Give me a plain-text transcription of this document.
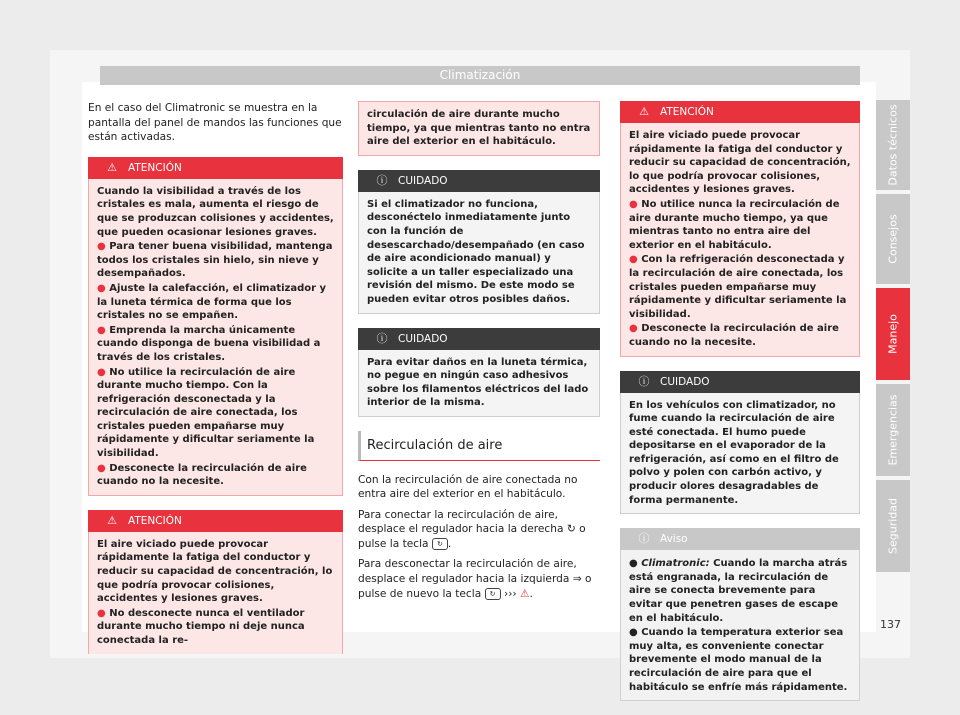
Climatización

En el caso del Climatronic se muestra en la pantalla del panel de mandos las funciones que están activadas.

⚠ ATENCIÓN
Cuando la visibilidad a través de los cristales es mala, aumenta el riesgo de que se produzcan colisiones y accidentes, que pueden ocasionar lesiones graves.
● Para tener buena visibilidad, mantenga todos los cristales sin hielo, sin nieve y desempañados.
● Ajuste la calefacción, el climatizador y la luneta térmica de forma que los cristales no se empañen.
● Emprenda la marcha únicamente cuando disponga de buena visibilidad a través de los cristales.
● No utilice la recirculación de aire durante mucho tiempo. Con la refrigeración desconectada y la recirculación de aire conectada, los cristales pueden empañarse muy rápidamente y dificultar seriamente la visibilidad.
● Desconecte la recirculación de aire cuando no la necesite.
⚠ ATENCIÓN
El aire viciado puede provocar rápidamente la fatiga del conductor y reducir su capacidad de concentración, lo que podría provocar colisiones, accidentes y lesiones graves.
● No desconecte nunca el ventilador durante mucho tiempo ni deje nunca conectada la re-
circulación de aire durante mucho tiempo, ya que mientras tanto no entra aire del exterior en el habitáculo.
ⓘ CUIDADO
Si el climatizador no funciona, desconéctelo inmediatamente junto con la función de desescarchado/desempañado (en caso de aire acondicionado manual) y solicite a un taller especializado una revisión del mismo. De este modo se pueden evitar otros posibles daños.
ⓘ CUIDADO
Para evitar daños en la luneta térmica, no pegue en ningún caso adhesivos sobre los filamentos eléctricos del lado interior de la misma.
Recirculación de aire

Con la recirculación de aire conectada no entra aire del exterior en el habitáculo.

Para conectar la recirculación de aire, desplace el regulador hacia la derecha ↻ o pulse la tecla ↻ .

Para desconectar la recirculación de aire, desplace el regulador hacia la izquierda ⇒ o pulse de nuevo la tecla ↻ ››› ⚠.

⚠ ATENCIÓN
El aire viciado puede provocar rápidamente la fatiga del conductor y reducir su capacidad de concentración, lo que podría provocar colisiones, accidentes y lesiones graves.
● No utilice nunca la recirculación de aire durante mucho tiempo, ya que mientras tanto no entra aire del exterior en el habitáculo.
● Con la refrigeración desconectada y la recirculación de aire conectada, los cristales pueden empañarse muy rápidamente y dificultar seriamente la visibilidad.
● Desconecte la recirculación de aire cuando no la necesite.
ⓘ CUIDADO
En los vehículos con climatizador, no fume cuando la recirculación de aire esté conectada. El humo puede depositarse en el evaporador de la refrigeración, así como en el filtro de polvo y polen con carbón activo, y producir olores desagradables de forma permanente.
ⓘ Aviso
● Climatronic: Cuando la marcha atrás está engranada, la recirculación de aire se conecta brevemente para evitar que penetren gases de escape en el habitáculo.
● Cuando la temperatura exterior sea muy alta, es conveniente conectar brevemente el modo manual de la recirculación de aire para que el habitáculo se enfríe más rápidamente.
Datos técnicos
Consejos
Manejo
Emergencias
Seguridad
137
